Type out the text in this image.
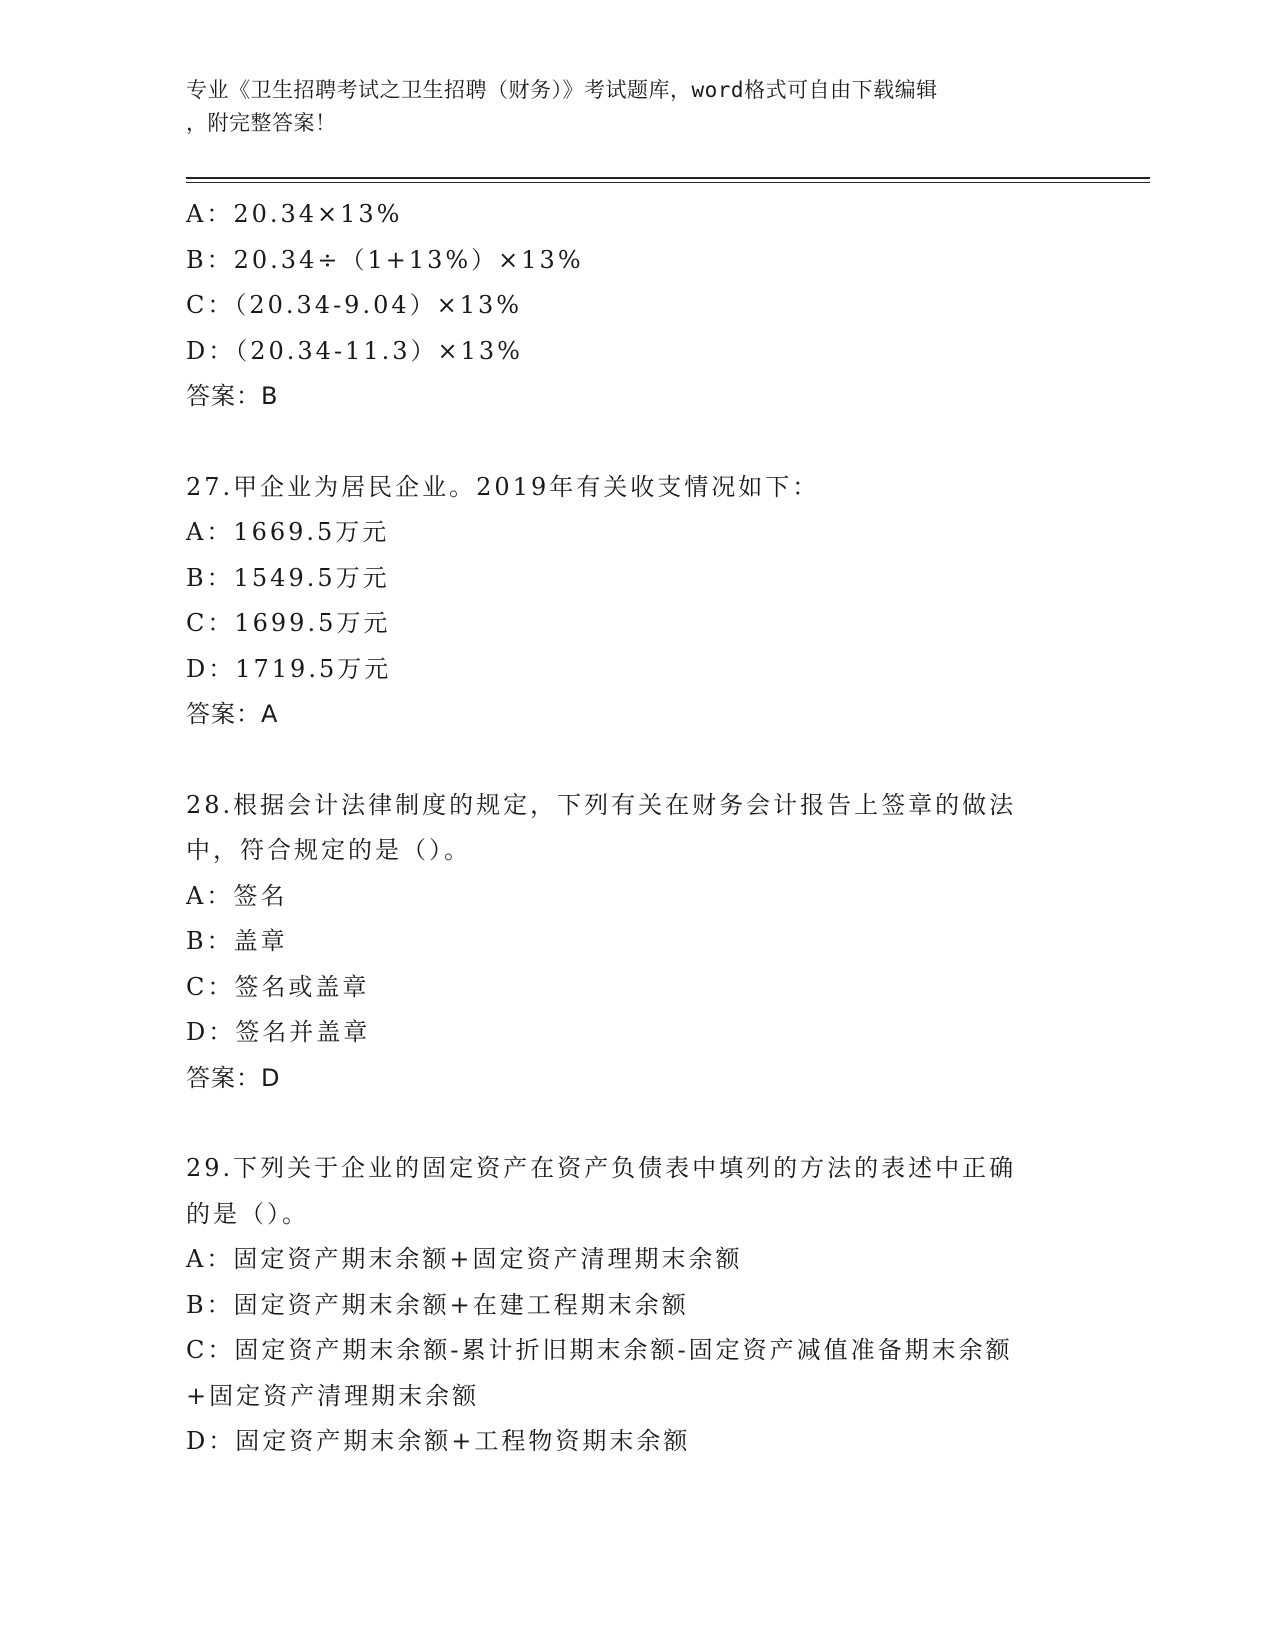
专业《卫生招聘考试之卫生招聘（财务）》考试题库，word格式可自由下载编辑
，附完整答案！
A：20.34×13%
B：20.34÷（1+13%）×13%
C：（20.34-9.04）×13%
D：（20.34-11.3）×13%
答案：B
27.甲企业为居民企业。2019年有关收支情况如下：
A：1669.5万元
B：1549.5万元
C：1699.5万元
D：1719.5万元
答案：A
28.根据会计法律制度的规定，下列有关在财务会计报告上签章的做法
中，符合规定的是（）。
A：签名
B：盖章
C：签名或盖章
D：签名并盖章
答案：D
29.下列关于企业的固定资产在资产负债表中填列的方法的表述中正确
的是（）。
A：固定资产期末余额+固定资产清理期末余额
B：固定资产期末余额+在建工程期末余额
C：固定资产期末余额-累计折旧期末余额-固定资产减值准备期末余额
+固定资产清理期末余额
D：固定资产期末余额+工程物资期末余额
